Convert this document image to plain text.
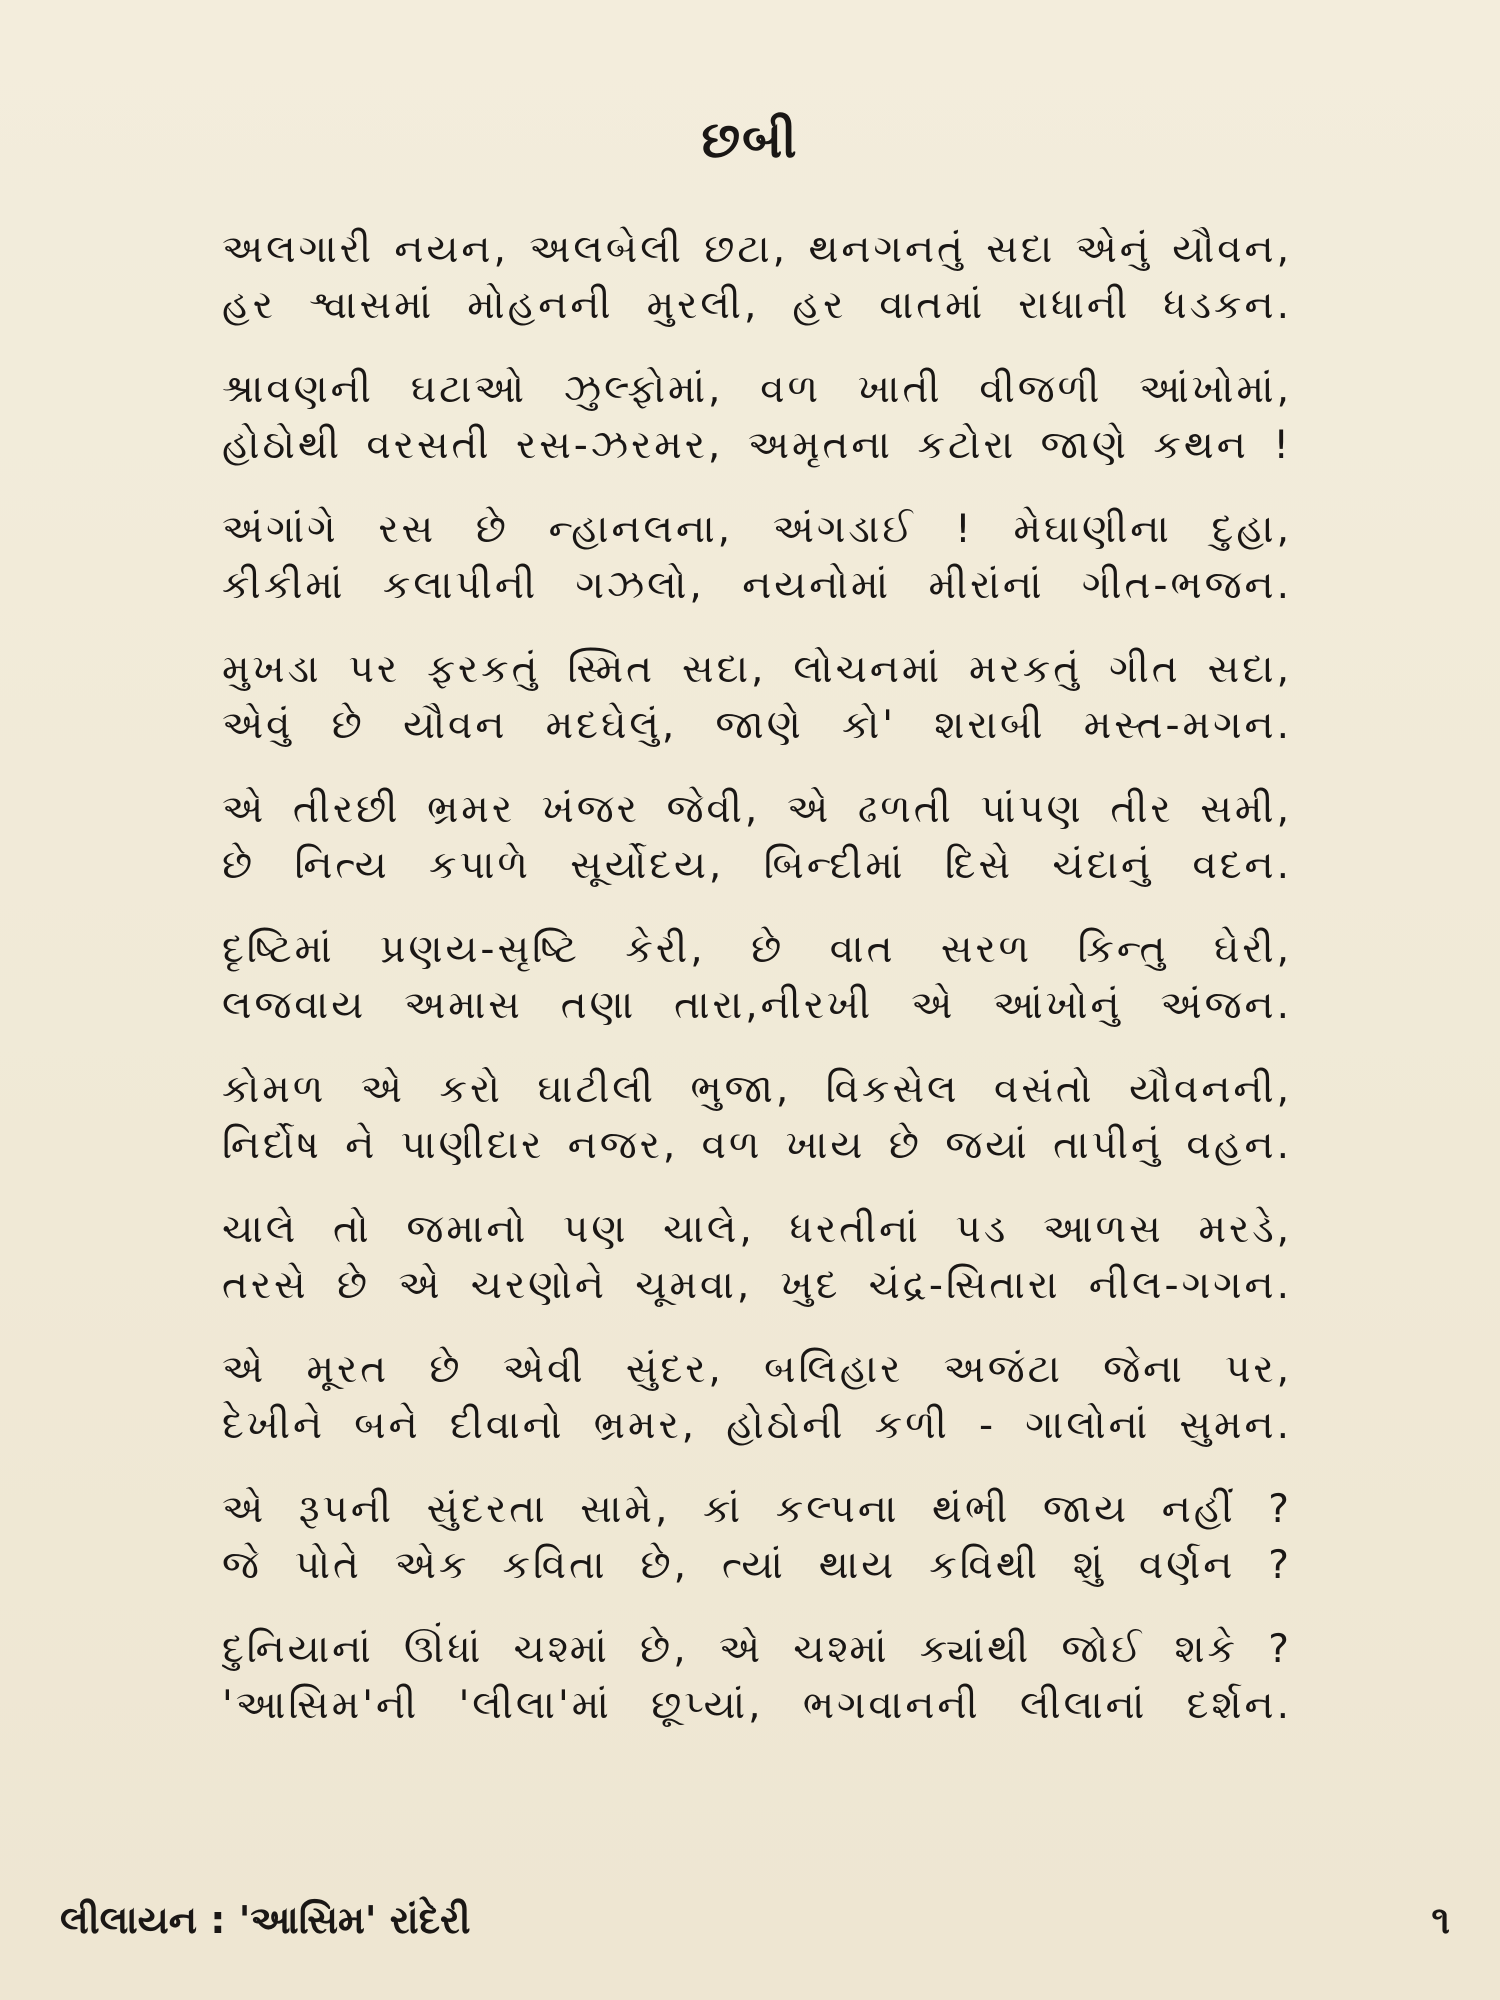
છબી
અલગારી નયન, અલબેલી છટા, થનગનતું સદા એનું યૌવન,
હર શ્વાસમાં મોહનની મુરલી, હર વાતમાં રાધાની ધડકન.
શ્રાવણની ઘટાઓ ઝુલ્ફોમાં, વળ ખાતી વીજળી આંખોમાં,
હોઠોથી વરસતી રસ-ઝરમર, અમૃતના કટોરા જાણે કથન !
અંગાંગે રસ છે ન્હાનલના, અંગડાઈ ! મેઘાણીના દુહા,
કીકીમાં કલાપીની ગઝલો, નયનોમાં મીરાંનાં ગીત-ભજન.
મુખડા પર ફરકતું સ્મિત સદા, લોચનમાં મરકતું ગીત સદા,
એવું છે યૌવન મદઘેલું, જાણે કો' શરાબી મસ્ત-મગન.
એ તીરછી ભ્રમર ખંજર જેવી, એ ઢળતી પાંપણ તીર સમી,
છે નિત્ય કપાળે સૂર્યોદય, બિન્દીમાં દિસે ચંદાનું વદન.
દૃષ્ટિમાં પ્રણય-સૃષ્ટિ કેરી, છે વાત સરળ કિન્તુ ઘેરી,
લજવાય અમાસ તણા તારા,નીરખી એ આંખોનું અંજન.
કોમળ એ કરો ઘાટીલી ભુજા, વિકસેલ વસંતો યૌવનની,
નિર્દોષ ને પાણીદાર નજર, વળ ખાય છે જયાં તાપીનું વહન.
ચાલે તો જમાનો પણ ચાલે, ધરતીનાં પડ આળસ મરડે,
તરસે છે એ ચરણોને ચૂમવા, ખુદ ચંદ્ર-સિતારા નીલ-ગગન.
એ મૂરત છે એવી સુંદર, બલિહાર અજંટા જેના પર,
દેખીને બને દીવાનો ભ્રમર, હોઠોની કળી - ગાલોનાં સુમન.
એ રૂપની સુંદરતા સામે, કાં કલ્પના થંભી જાય નહીં ?
જે પોતે એક કવિતા છે, ત્યાં થાય કવિથી શું વર્ણન ?
દુનિયાનાં ઊંધાં ચશ્માં છે, એ ચશ્માં ક્યાંથી જોઈ શકે ?
'આસિમ'ની 'લીલા'માં છૂપ્યાં, ભગવાનની લીલાનાં દર્શન.
લીલાયન : 'આસિમ' રાંદેરી	૧
